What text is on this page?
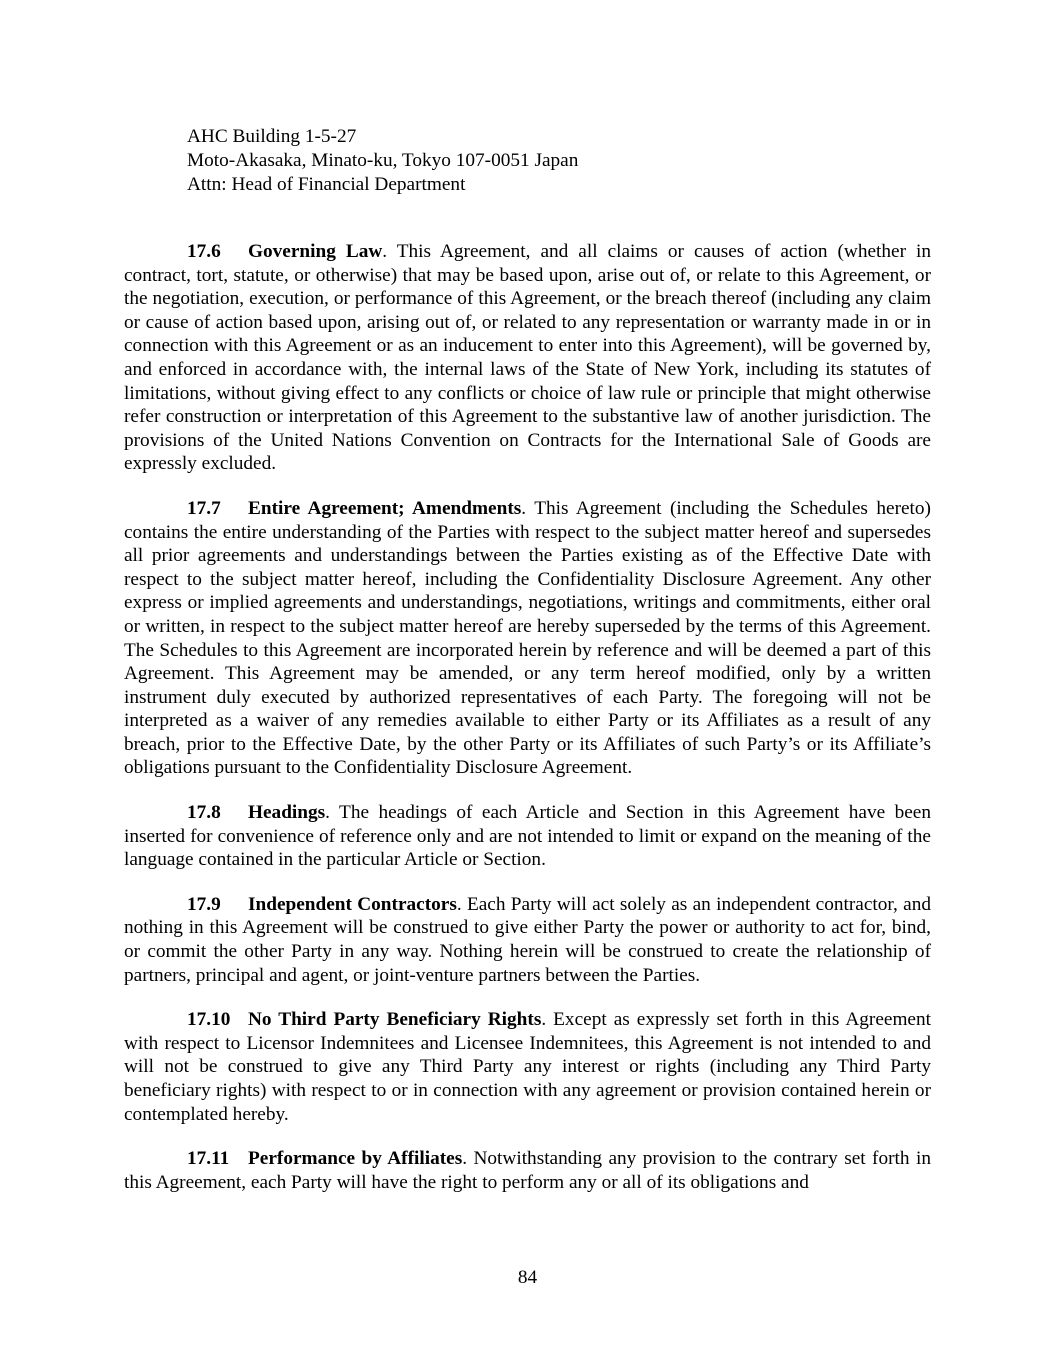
AHC Building 1-5-27
Moto-Akasaka, Minato-ku, Tokyo 107-0051 Japan
Attn: Head of Financial Department

17.6 Governing Law. This Agreement, and all claims or causes of action (whether in contract, tort, statute, or otherwise) that may be based upon, arise out of, or relate to this Agreement, or the negotiation, execution, or performance of this Agreement, or the breach thereof (including any claim or cause of action based upon, arising out of, or related to any representation or warranty made in or in connection with this Agreement or as an inducement to enter into this Agreement), will be governed by, and enforced in accordance with, the internal laws of the State of New York, including its statutes of limitations, without giving effect to any conflicts or choice of law rule or principle that might otherwise refer construction or interpretation of this Agreement to the substantive law of another jurisdiction. The provisions of the United Nations Convention on Contracts for the International Sale of Goods are expressly excluded.

17.7 Entire Agreement; Amendments. This Agreement (including the Schedules hereto) contains the entire understanding of the Parties with respect to the subject matter hereof and supersedes all prior agreements and understandings between the Parties existing as of the Effective Date with respect to the subject matter hereof, including the Confidentiality Disclosure Agreement. Any other express or implied agreements and understandings, negotiations, writings and commitments, either oral or written, in respect to the subject matter hereof are hereby superseded by the terms of this Agreement. The Schedules to this Agreement are incorporated herein by reference and will be deemed a part of this Agreement. This Agreement may be amended, or any term hereof modified, only by a written instrument duly executed by authorized representatives of each Party. The foregoing will not be interpreted as a waiver of any remedies available to either Party or its Affiliates as a result of any breach, prior to the Effective Date, by the other Party or its Affiliates of such Party’s or its Affiliate’s obligations pursuant to the Confidentiality Disclosure Agreement.

17.8 Headings. The headings of each Article and Section in this Agreement have been inserted for convenience of reference only and are not intended to limit or expand on the meaning of the language contained in the particular Article or Section.

17.9 Independent Contractors. Each Party will act solely as an independent contractor, and nothing in this Agreement will be construed to give either Party the power or authority to act for, bind, or commit the other Party in any way. Nothing herein will be construed to create the relationship of partners, principal and agent, or joint-venture partners between the Parties.

17.10 No Third Party Beneficiary Rights. Except as expressly set forth in this Agreement with respect to Licensor Indemnitees and Licensee Indemnitees, this Agreement is not intended to and will not be construed to give any Third Party any interest or rights (including any Third Party beneficiary rights) with respect to or in connection with any agreement or provision contained herein or contemplated hereby.

17.11 Performance by Affiliates. Notwithstanding any provision to the contrary set forth in this Agreement, each Party will have the right to perform any or all of its obligations and

84
